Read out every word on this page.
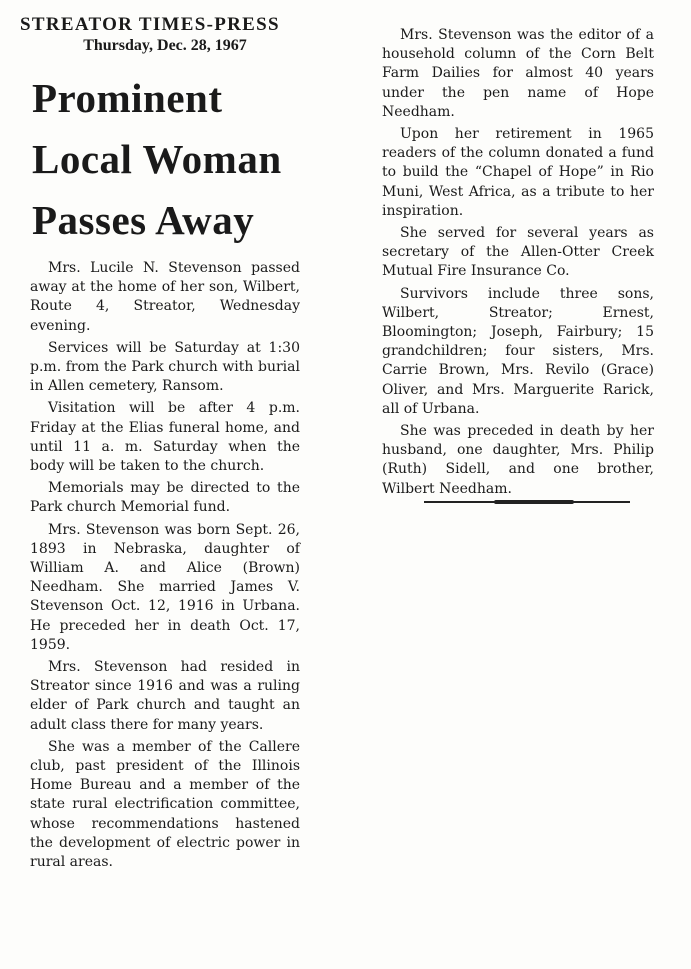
STREATOR TIMES-PRESS
Thursday, Dec. 28, 1967
Prominent
Local Woman
Passes Away

Mrs. Lucile N. Stevenson passed away at the home of her son, Wilbert, Route 4, Streator, Wednesday evening.

Services will be Saturday at 1:30 p.m. from the Park church with burial in Allen cemetery, Ransom.

Visitation will be after 4 p.m. Friday at the Elias funeral home, and until 11 a. m. Saturday when the body will be taken to the church.

Memorials may be directed to the Park church Memorial fund.

Mrs. Stevenson was born Sept. 26, 1893 in Nebraska, daughter of William A. and Alice (Brown) Needham. She married James V. Stevenson Oct. 12, 1916 in Urbana. He preceded her in death Oct. 17, 1959.

Mrs. Stevenson had resided in Streator since 1916 and was a ruling elder of Park church and taught an adult class there for many years.

She was a member of the Callere club, past president of the Illinois Home Bureau and a member of the state rural electrification committee, whose recommendations hastened the development of electric power in rural areas.

Mrs. Stevenson was the editor of a household column of the Corn Belt Farm Dailies for almost 40 years under the pen name of Hope Needham.

Upon her retirement in 1965 readers of the column donated a fund to build the “Chapel of Hope” in Rio Muni, West Africa, as a tribute to her inspiration.

She served for several years as secretary of the Allen-Otter Creek Mutual Fire Insurance Co.

Survivors include three sons, Wilbert, Streator; Ernest, Bloomington; Joseph, Fairbury; 15 grandchildren; four sisters, Mrs. Carrie Brown, Mrs. Revilo (Grace) Oliver, and Mrs. Marguerite Rarick, all of Urbana.

She was preceded in death by her husband, one daughter, Mrs. Philip (Ruth) Sidell, and one brother, Wilbert Needham.
